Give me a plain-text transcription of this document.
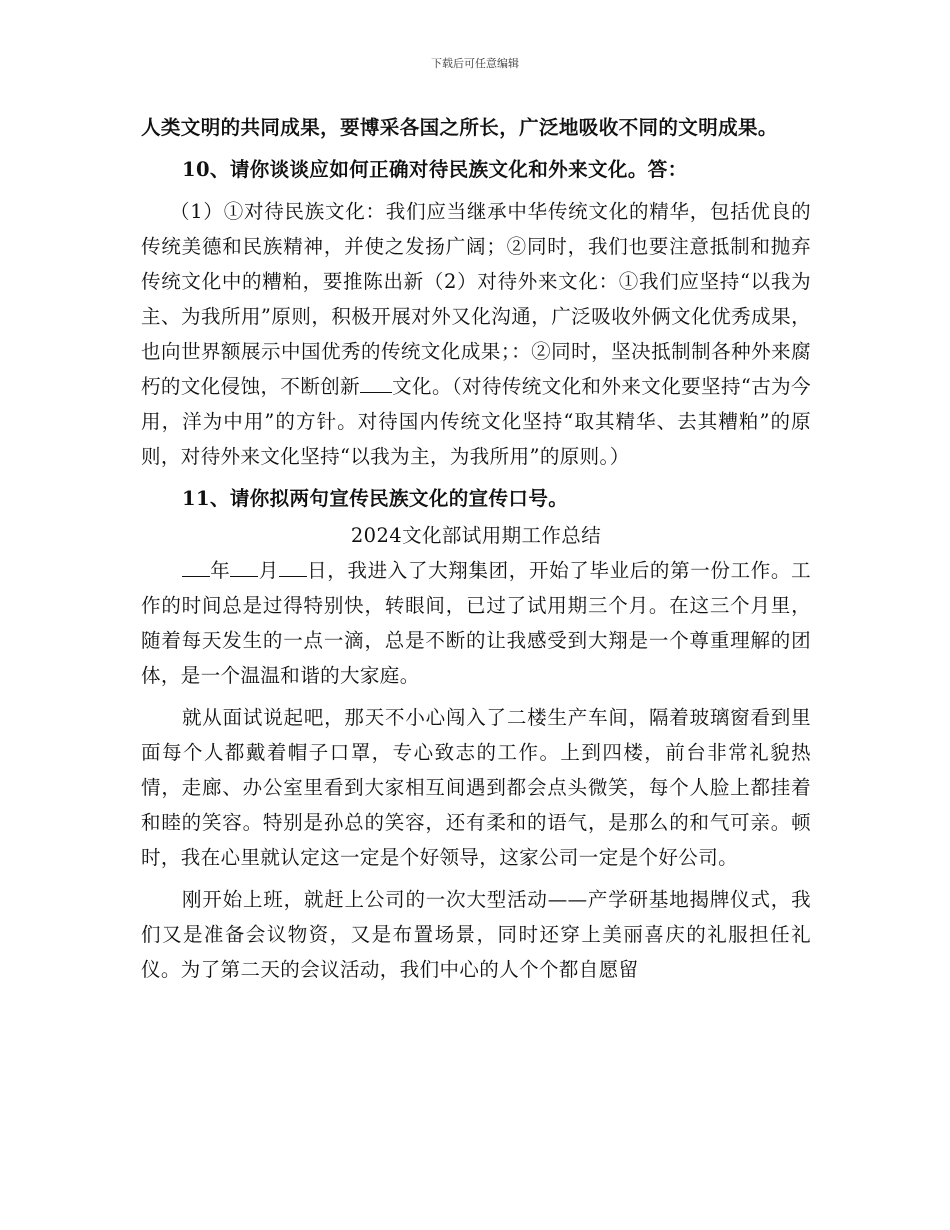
下载后可任意编辑

人类文明的共同成果，要博采各国之所长，广泛地吸收不同的文明成果。

10、请你谈谈应如何正确对待民族文化和外来文化。答：

（1）①对待民族文化：我们应当继承中华传统文化的精华，包括优良的传统美德和民族精神，并使之发扬广阔；②同时，我们也要注意抵制和抛弃传统文化中的糟粕，要推陈出新（2）对待外来文化：①我们应坚持“以我为主、为我所用”原则，积极开展对外又化沟通，广泛吸收外俩文化优秀成果，也向世界额展示中国优秀的传统文化成果；：②同时，坚决抵制制各种外来腐朽的文化侵蚀，不断创新 文化。（对待传统文化和外来文化要坚持“古为今用，洋为中用”的方针。对待国内传统文化坚持“取其精华、去其糟粕”的原则，对待外来文化坚持“以我为主，为我所用”的原则。）

11、请你拟两句宣传民族文化的宣传口号。

2024文化部试用期工作总结

年 月 日，我进入了大翔集团，开始了毕业后的第一份工作。工作的时间总是过得特别快，转眼间，已过了试用期三个月。在这三个月里，随着每天发生的一点一滴，总是不断的让我感受到大翔是一个尊重理解的团体，是一个温温和谐的大家庭。

就从面试说起吧，那天不小心闯入了二楼生产车间，隔着玻璃窗看到里面每个人都戴着帽子口罩，专心致志的工作。上到四楼，前台非常礼貌热情，走廊、办公室里看到大家相互间遇到都会点头微笑，每个人脸上都挂着和睦的笑容。特别是孙总的笑容，还有柔和的语气，是那么的和气可亲。顿时，我在心里就认定这一定是个好领导，这家公司一定是个好公司。

刚开始上班，就赶上公司的一次大型活动——产学研基地揭牌仪式，我们又是准备会议物资，又是布置场景，同时还穿上美丽喜庆的礼服担任礼仪。为了第二天的会议活动，我们中心的人个个都自愿留
